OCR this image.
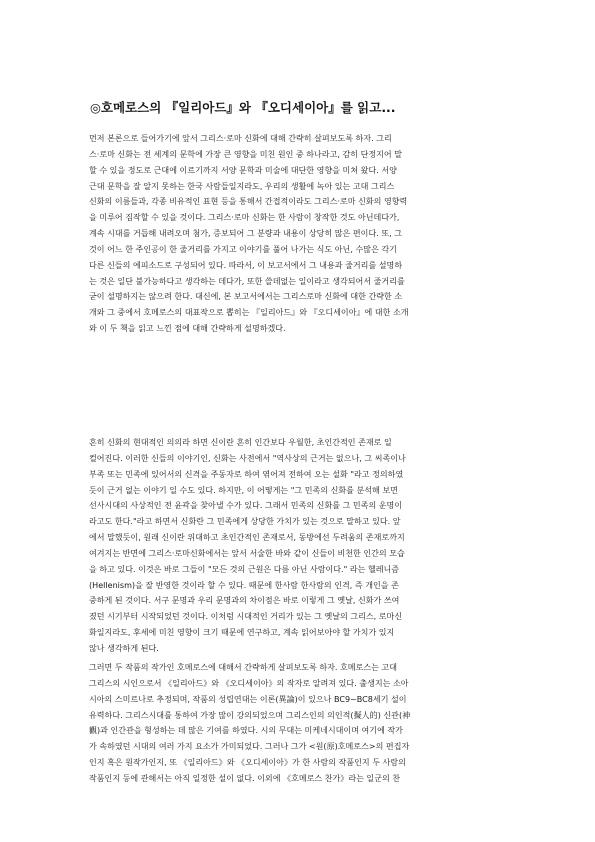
◎호메로스의 『일리아드』와 『오디세이아』를 읽고...
먼저 본론으로 들어가기에 앞서 그리스·로마 신화에 대해 간략히 살펴보도록 하자. 그리
스·로마 신화는 전 세계의 문학에 가장 큰 영향을 미친 원인 중 하나라고, 감히 단정지어 말
할 수 있을 정도로 근대에 이르기까지 서양 문학과 미술에 대단한 영향을 미쳐 왔다. 서양
근대 문학을 잘 알지 못하는 한국 사람들일지라도, 우리의 생활에 녹아 있는 고대 그리스
신화의 이름들과, 각종 비유적인 표현 등을 통해서 간접적이라도 그리스·로마 신화의 영향력
을 미루어 짐작할 수 있을 것이다. 그리스·로마 신화는 한 사람이 창작한 것도 아닌데다가,
계속 시대를 거듭해 내려오며 첨가, 증보되어 그 분량과 내용이 상당히 많은 편이다. 또, 그
것이 어느 한 주인공이 한 줄거리를 가지고 이야기를 풀어 나가는 식도 아닌, 수많은 각기
다른 신들의 에피소드로 구성되어 있다. 따라서, 이 보고서에서 그 내용과 줄거리를 설명하
는 것은 일단 불가능하다고 생각하는 데다가, 또한 쓸데없는 일이라고 생각되어서 줄거리를
굳이 설명하지는 않으려 한다. 대신에, 본 보고서에서는 그리스로마 신화에 대한 간략한 소
개와 그 중에서 호메로스의 대표작으로 뽑히는 『일리아드』와 『오디세이아』에 대한 소개
와 이 두 책을 읽고 느낀 점에 대해 간략하게 설명하겠다.
흔히 신화의 현대적인 의의라 하면 신이란 흔히 인간보다 우월한, 초인간적인 존재로 일
컬어진다. 이러한 신들의 이야기인, 신화는 사전에서 "역사상의 근거는 없으나, 그 씨족이나
부족 또는 민족에 있어서의 신격을 주동자로 하여 엮어져 전하여 오는 설화 "라고 정의하였
듯이 근거 없는 이야기 일 수도 있다. 하지만, 이 어떻게는 "그 민족의 신화를 분석해 보면
선사시대의 사상적인 전 윤곽을 찾아낼 수가 있다. 그래서 민족의 신화를 그 민족의 운명이
라고도 한다."라고 하면서 신화란 그 민족에게 상당한 가치가 있는 것으로 말하고 있다. 앞
에서 말했듯이, 원래 신이란 위대하고 초인간적인 존재로서, 동방에선 두려움의 존재로까지
여겨지는 반면에 그리스·로마신화에서는 앞서 서술한 바와 같이 신들이 비천한 인간의 모습
을 하고 있다. 이것은 바로 그들이 "모든 것의 근원은 다름 아닌 사람이다." 라는 헬레니즘
(Hellenism)을 잘 반영한 것이라 할 수 있다. 때문에 한사람 한사람의 인격, 즉 개인을 존
중하게 된 것이다. 서구 문명과 우리 문명과의 차이점은 바로 이렇게 그 옛날, 신화가 쓰여
졌던 시기부터 시작되었던 것이다. 이처럼 시대적인 거리가 있는 그 옛날의 그리스, 로마신
화일지라도, 후세에 미친 영향이 크기 때문에 연구하고, 계속 읽어보아야 할 가치가 있지
않나 생각하게 된다.
그러면 두 작품의 작가인 호메로스에 대해서 간략하게 살펴보도록 하자. 호메로스는 고대
그리스의 시인으로서 《일리아드》와 《오디세이아》의 작자로 알려져 있다. 출생지는 소아
시아의 스미르나로 추정되며, 작품의 성립연대는 이론(異論)이 있으나 BC9~BC8세기 설이
유력하다. 그리스시대를 통하여 가장 많이 강의되었으며 그리스인의 의인적(擬人的) 신관(神
觀)과 인간관을 형성하는 데 많은 기여를 하였다. 시의 무대는 미케네시대이며 여기에 작가
가 속하였던 시대의 여러 가지 요소가 가미되었다. 그러나 그가 <원(原)호메로스>의 편집자
인지 혹은 원작가인지, 또 《일리아드》와 《오디세이아》가 한 사람의 작품인지 두 사람의
작품인지 등에 관해서는 아직 일정한 설이 없다. 이외에 《호메로스 찬가》라는 일군의 찬
